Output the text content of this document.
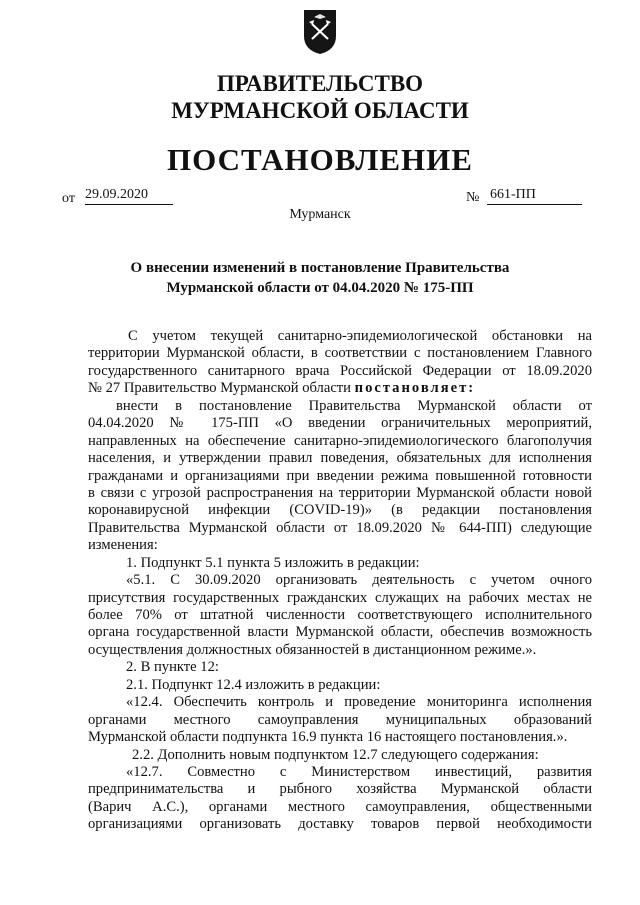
ПРАВИТЕЛЬСТВО
МУРМАНСКОЙ ОБЛАСТИ
ПОСТАНОВЛЕНИЕ
от 29.09.2020	№ 661-ПП
Мурманск
О внесении изменений в постановление Правительства
Мурманской области от 04.04.2020 № 175-ПП
С учетом текущей санитарно-эпидемиологической обстановки на
территории Мурманской области, в соответствии с постановлением Главного
государственного санитарного врача Российской Федерации от 18.09.2020
№ 27 Правительство Мурманской области постановляет:
внести в постановление Правительства Мурманской области от
04.04.2020 № 175-ПП «О введении ограничительных мероприятий,
направленных на обеспечение санитарно-эпидемиологического благополучия
населения, и утверждении правил поведения, обязательных для исполнения
гражданами и организациями при введении режима повышенной готовности
в связи с угрозой распространения на территории Мурманской области новой
коронавирусной инфекции (COVID-19)» (в редакции постановления
Правительства Мурманской области от 18.09.2020 № 644-ПП) следующие
изменения:
1. Подпункт 5.1 пункта 5 изложить в редакции:
«5.1. С 30.09.2020 организовать деятельность с учетом очного
присутствия государственных гражданских служащих на рабочих местах не
более 70% от штатной численности соответствующего исполнительного
органа государственной власти Мурманской области, обеспечив возможность
осуществления должностных обязанностей в дистанционном режиме.».
2. В пункте 12:
2.1. Подпункт 12.4 изложить в редакции:
«12.4. Обеспечить контроль и проведение мониторинга исполнения
органами местного самоуправления муниципальных образований
Мурманской области подпункта 16.9 пункта 16 настоящего постановления.».
2.2. Дополнить новым подпунктом 12.7 следующего содержания:
«12.7. Совместно с Министерством инвестиций, развития
предпринимательства и рыбного хозяйства Мурманской области
(Варич А.С.), органами местного самоуправления, общественными
организациями организовать доставку товаров первой необходимости
